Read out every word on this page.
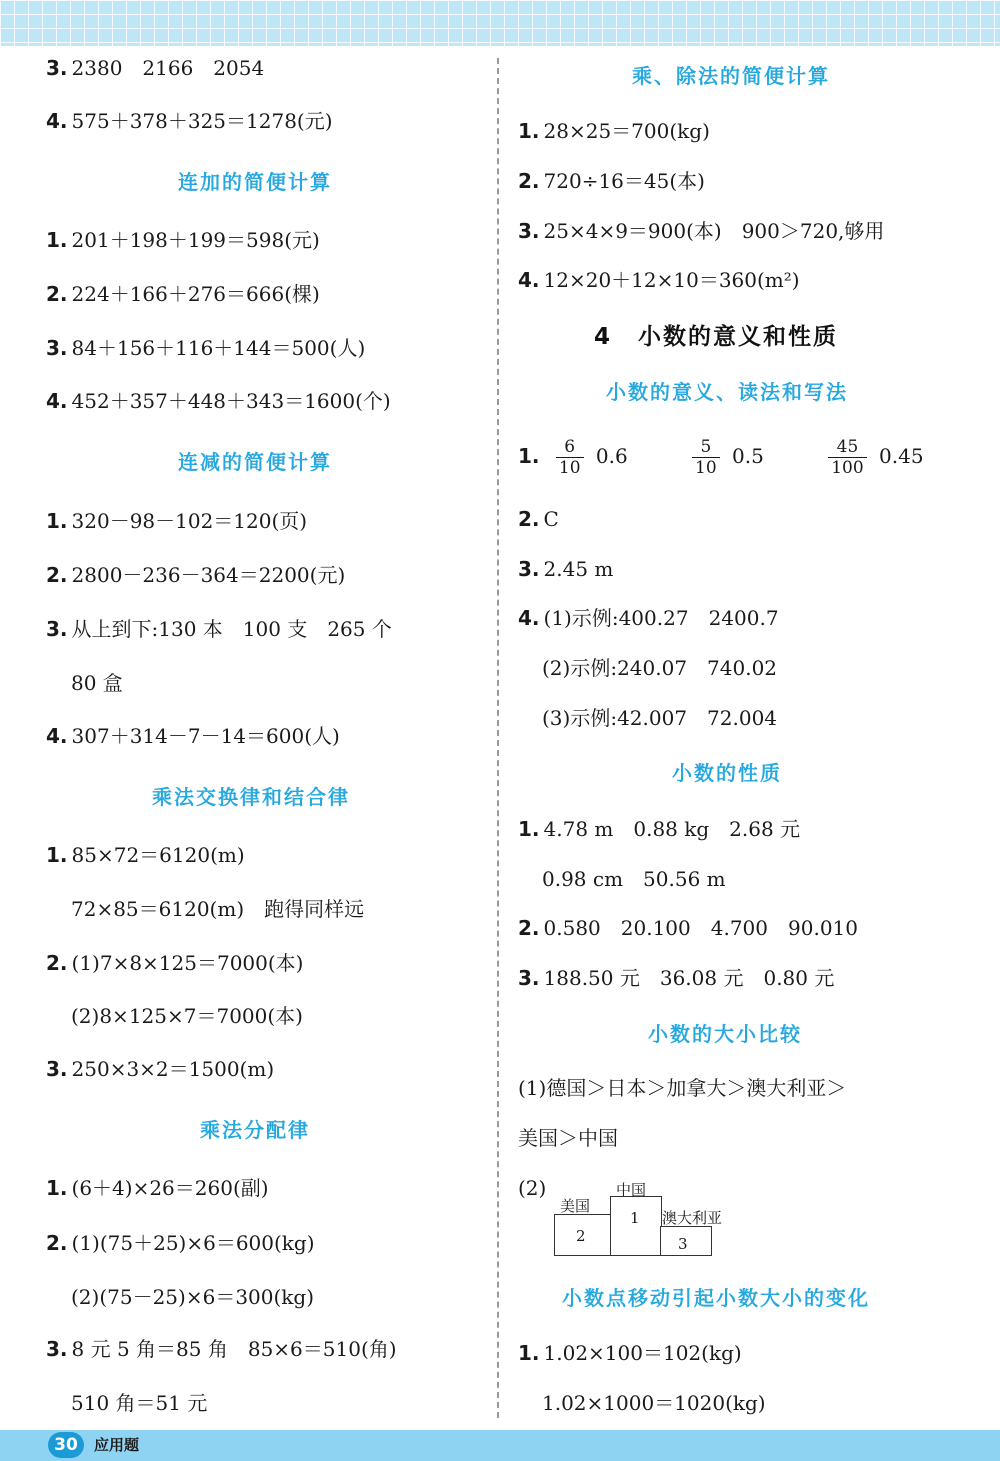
3. 2380　2166　2054
4. 575＋378＋325＝1278(元)
连加的简便计算
1. 201＋198＋199＝598(元)
2. 224＋166＋276＝666(棵)
3. 84＋156＋116＋144＝500(人)
4. 452＋357＋448＋343＝1600(个)
连减的简便计算
1. 320－98－102＝120(页)
2. 2800－236－364＝2200(元)
3. 从上到下:130 本　100 支　265 个
80 盒
4. 307＋314－7－14＝600(人)
乘法交换律和结合律
1. 85×72＝6120(m)
72×85＝6120(m)　跑得同样远
2. (1)7×8×125＝7000(本)
(2)8×125×7＝7000(本)
3. 250×3×2＝1500(m)
乘法分配律
1. (6＋4)×26＝260(副)
2. (1)(75＋25)×6＝600(kg)
(2)(75－25)×6＝300(kg)
3. 8 元 5 角＝85 角　85×6＝510(角)
510 角＝51 元
乘、除法的简便计算
1. 28×25＝700(kg)
2. 720÷16＝45(本)
3. 25×4×9＝900(本)　900＞720,够用
4. 12×20＋12×10＝360(m²)
4 小数的意义和性质
小数的意义、读法和写法
1. $\frac{6}{10} 0.6$	$\frac{5}{10} 0.5$	$\frac{45}{100} 0.45$
2. C
3. 2.45 m
4. (1)示例:400.27　2400.7
(2)示例:240.07　740.02
(3)示例:42.007　72.004
小数的性质
1. 4.78 m　0.88 kg　2.68 元
0.98 cm　50.56 m
2. 0.580　20.100　4.700　90.010
3. 188.50 元　36.08 元　0.80 元
小数的大小比较
(1)德国＞日本＞加拿大＞澳大利亚＞
美国＞中国
(2)
美国
中国
澳大利亚
2
1
3
小数点移动引起小数大小的变化
1. 1.02×100＝102(kg)
1.02×1000＝1020(kg)
30	应用题
